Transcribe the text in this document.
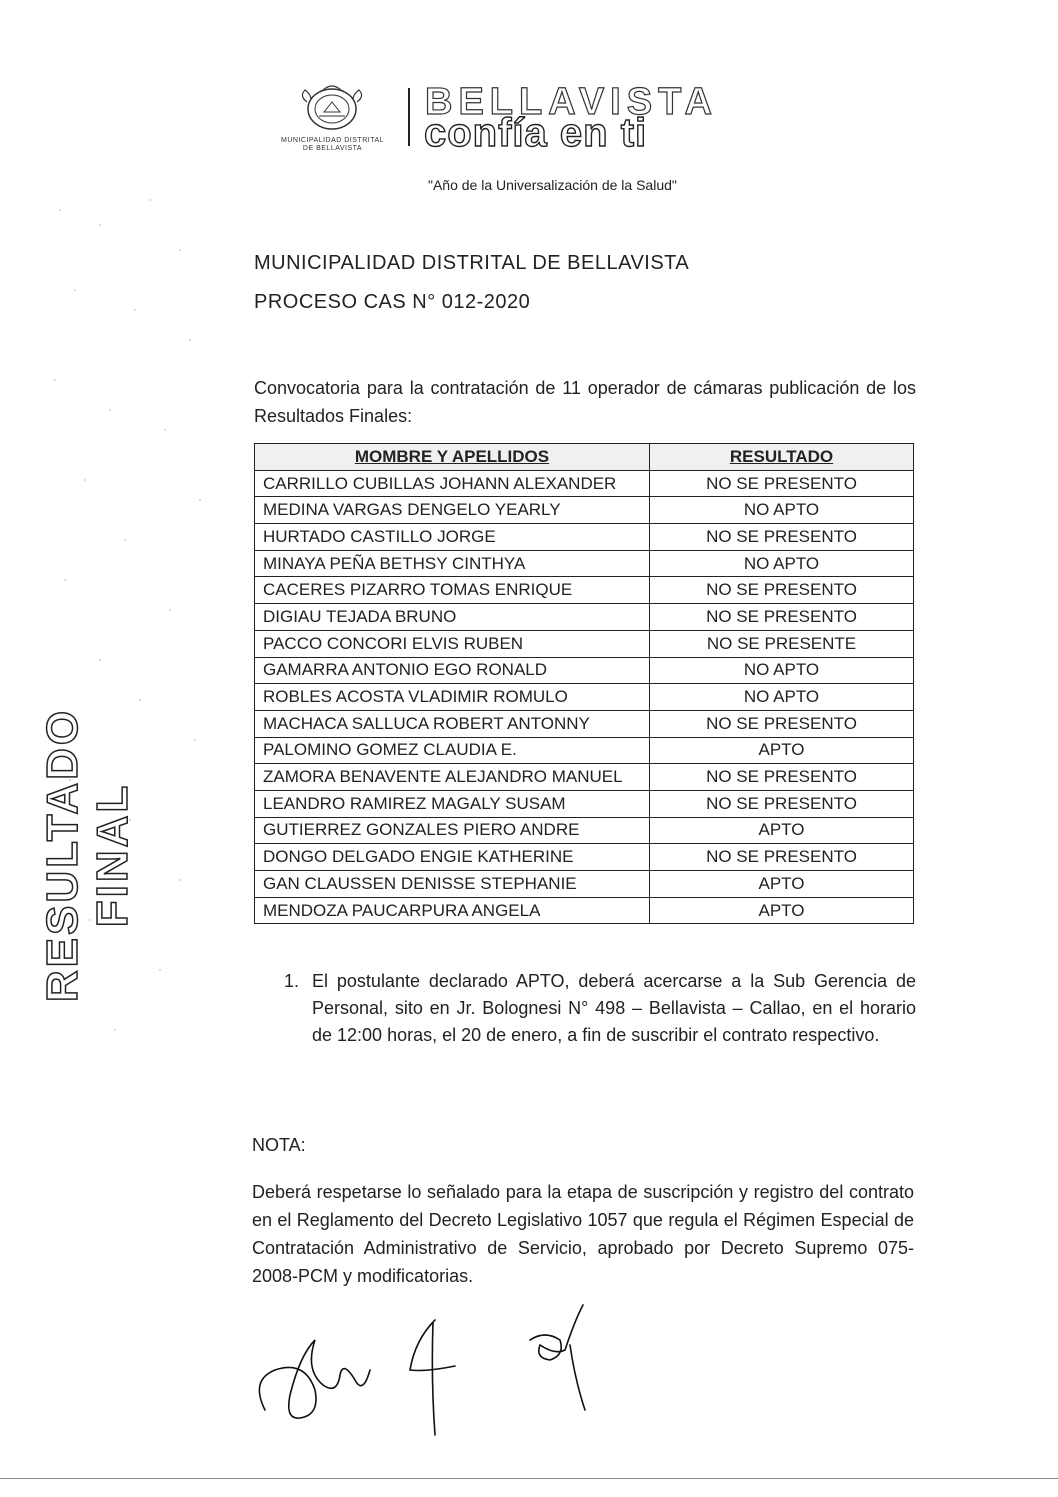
MUNICIPALIDAD DISTRITAL
DE BELLAVISTA
BELLAVISTA
confía en ti
"Año de la Universalización de la Salud"
MUNICIPALIDAD DISTRITAL DE BELLAVISTA
PROCESO CAS N° 012-2020
Convocatoria para la contratación de 11 operador de cámaras publicación de los Resultados Finales:
MOMBRE Y APELLIDOS	RESULTADO
CARRILLO CUBILLAS JOHANN ALEXANDER	NO SE PRESENTO
MEDINA VARGAS DENGELO YEARLY	NO APTO
HURTADO CASTILLO JORGE	NO SE PRESENTO
MINAYA PEÑA BETHSY CINTHYA	NO APTO
CACERES PIZARRO TOMAS ENRIQUE	NO SE PRESENTO
DIGIAU TEJADA BRUNO	NO SE PRESENTO
PACCO CONCORI ELVIS RUBEN	NO SE PRESENTE
GAMARRA ANTONIO EGO RONALD	NO APTO
ROBLES ACOSTA VLADIMIR ROMULO	NO APTO
MACHACA SALLUCA ROBERT ANTONNY	NO SE PRESENTO
PALOMINO GOMEZ CLAUDIA E.	APTO
ZAMORA BENAVENTE ALEJANDRO MANUEL	NO SE PRESENTO
LEANDRO RAMIREZ MAGALY SUSAM	NO SE PRESENTO
GUTIERREZ GONZALES PIERO ANDRE	APTO
DONGO DELGADO ENGIE KATHERINE	NO SE PRESENTO
GAN CLAUSSEN DENISSE STEPHANIE	APTO
MENDOZA PAUCARPURA ANGELA	APTO
1. El postulante declarado APTO, deberá acercarse a la Sub Gerencia de Personal, sito en Jr. Bolognesi N° 498 – Bellavista – Callao, en el horario de 12:00 horas, el 20 de enero, a fin de suscribir el contrato respectivo.
NOTA:
Deberá respetarse lo señalado para la etapa de suscripción y registro del contrato en el Reglamento del Decreto Legislativo 1057 que regula el Régimen Especial de Contratación Administrativo de Servicio, aprobado por Decreto Supremo 075- 2008-PCM y modificatorias.
RESULTADO FINAL
